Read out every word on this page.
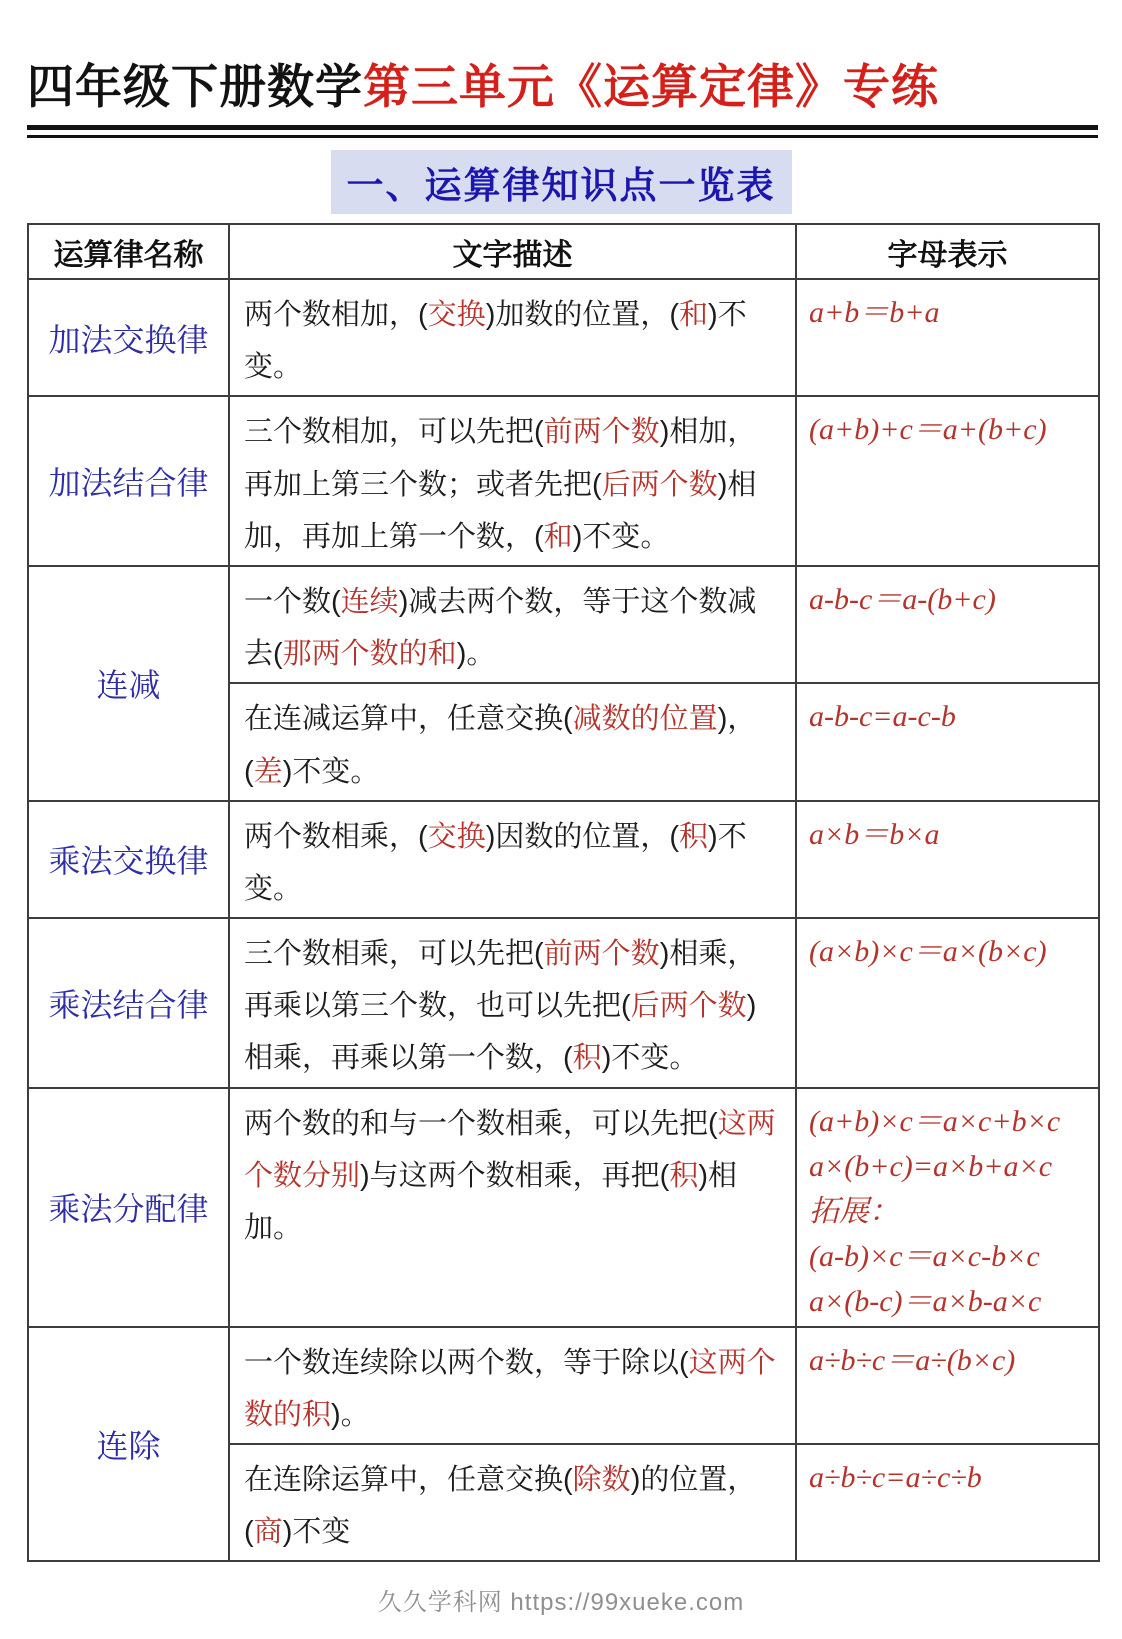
四年级下册数学第三单元《运算定律》专练
一、运算律知识点一览表
运算律名称	文字描述	字母表示
加法交换律	两个数相加，(交换)加数的位置，(和)不变。	a+b＝b+a

加法结合律	三个数相加，可以先把(前两个数)相加，再加上第三个数；或者先把(后两个数)相加，再加上第一个数，(和)不变。	(a+b)+c＝a+(b+c)

连减	一个数(连续)减去两个数，等于这个数减去(那两个数的和)。	a-b-c＝a-(b+c)

	在连减运算中，任意交换(减数的位置)，(差)不变。	a-b-c=a-c-b

乘法交换律	两个数相乘，(交换)因数的位置，(积)不变。	a×b＝b×a

乘法结合律	三个数相乘，可以先把(前两个数)相乘，再乘以第三个数，也可以先把(后两个数)相乘，再乘以第一个数，(积)不变。	(a×b)×c＝a×(b×c)

乘法分配律	两个数的和与一个数相乘，可以先把(这两个数分别)与这两个数相乘，再把(积)相加。	(a+b)×c＝a×c+b×c
a×(b+c)=a×b+a×c
拓展：
(a-b)×c＝a×c-b×c
a×(b-c)＝a×b-a×c

连除	一个数连续除以两个数，等于除以(这两个数的积)。	a÷b÷c＝a÷(b×c)

	在连除运算中，任意交换(除数)的位置，(商)不变	a÷b÷c=a÷c÷b
久久学科网 https://99xueke.com
